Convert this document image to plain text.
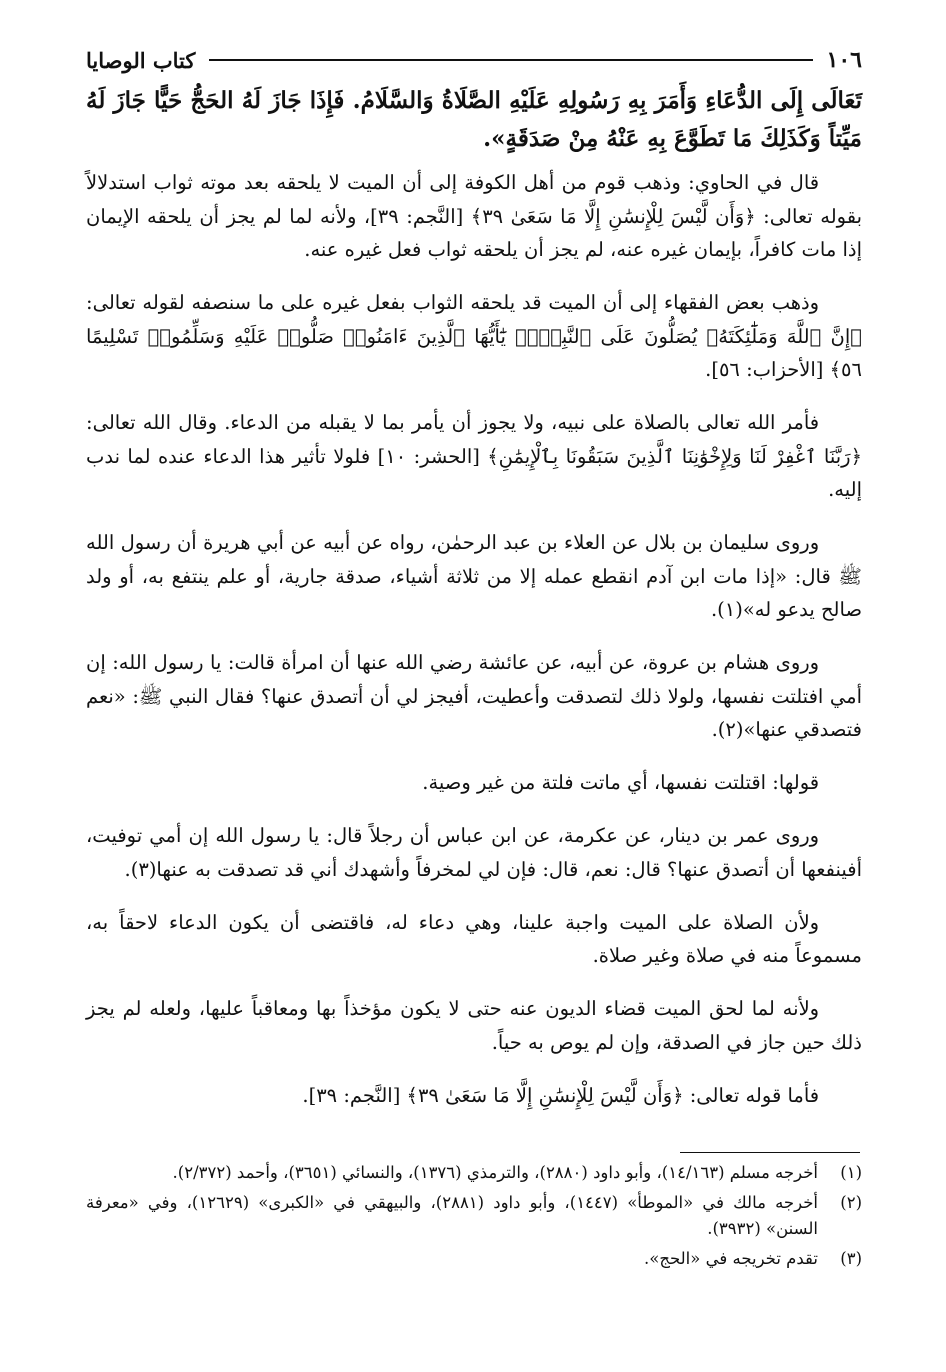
١٠٦
كتاب الوصايا
تَعَالَى إِلَى الدُّعَاءِ وَأَمَرَ بِهِ رَسُولِهِ عَلَيْهِ الصَّلَاةُ وَالسَّلَامُ. فَإِذَا جَازَ لَهُ الحَجُّ حَيًّا جَازَ لَهُ مَيِّتاً وَكَذَلِكَ مَا تَطَوَّعَ بِهِ عَنْهُ مِنْ صَدَقَةٍ».

قال في الحاوي: وذهب قوم من أهل الكوفة إلى أن الميت لا يلحقه بعد موته ثواب استدلالاً بقوله تعالى: ﴿وَأَن لَّيْسَ لِلْإِنسَٰنِ إِلَّا مَا سَعَىٰ ٣٩﴾ [النَّجم: ٣٩]، ولأنه لما لم يجز أن يلحقه الإيمان إذا مات كافراً، بإيمان غيره عنه، لم يجز أن يلحقه ثواب فعل غيره عنه.

وذهب بعض الفقهاء إلى أن الميت قد يلحقه الثواب بفعل غيره على ما سنصفه لقوله تعالى: ﴿إِنَّ ٱللَّهَ وَمَلَٰٓئِكَتَهُۥ يُصَلُّونَ عَلَى ٱلنَّبِيِّۚ يَٰٓأَيُّهَا ٱلَّذِينَ ءَامَنُوا۟ صَلُّوا۟ عَلَيْهِ وَسَلِّمُوا۟ تَسْلِيمًا ٥٦﴾ [الأحزاب: ٥٦].

فأمر الله تعالى بالصلاة على نبيه، ولا يجوز أن يأمر بما لا يقبله من الدعاء. وقال الله تعالى: ﴿رَبَّنَا ٱغْفِرْ لَنَا وَلِإِخْوَٰنِنَا ٱلَّذِينَ سَبَقُونَا بِٱلْإِيمَٰنِ﴾ [الحشر: ١٠] فلولا تأثير هذا الدعاء عنده لما ندب إليه.

وروى سليمان بن بلال عن العلاء بن عبد الرحمٰن، رواه عن أبيه عن أبي هريرة أن رسول الله ﷺ قال: «إذا مات ابن آدم انقطع عمله إلا من ثلاثة أشياء، صدقة جارية، أو علم ينتفع به، أو ولد صالح يدعو له»(١).

وروى هشام بن عروة، عن أبيه، عن عائشة رضي الله عنها أن امرأة قالت: يا رسول الله: إن أمي افتلتت نفسها، ولولا ذلك لتصدقت وأعطيت، أفيجز لي أن أتصدق عنها؟ فقال النبي ﷺ: «نعم فتصدقي عنها»(٢).

قولها: اقتلتت نفسها، أي ماتت فلتة من غير وصية.

وروى عمر بن دينار، عن عكرمة، عن ابن عباس أن رجلاً قال: يا رسول الله إن أمي توفيت، أفينفعها أن أتصدق عنها؟ قال: نعم، قال: فإن لي لمخرفاً وأشهدك أني قد تصدقت به عنها(٣).

ولأن الصلاة على الميت واجبة علينا، وهي دعاء له، فاقتضى أن يكون الدعاء لاحقاً به، مسموعاً منه في صلاة وغير صلاة.

ولأنه لما لحق الميت قضاء الديون عنه حتى لا يكون مؤخذاً بها ومعاقباً عليها، ولعله لم يجز ذلك حين جاز في الصدقة، وإن لم يوص به حياً.

فأما قوله تعالى: ﴿وَأَن لَّيْسَ لِلْإِنسَٰنِ إِلَّا مَا سَعَىٰ ٣٩﴾ [النَّجم: ٣٩].

(١)
أخرجه مسلم (١٤/١٦٣)، وأبو داود (٢٨٨٠)، والترمذي (١٣٧٦)، والنسائي (٣٦٥١)، وأحمد (٢/٣٧٢).
(٢)
أخرجه مالك في «الموطأ» (١٤٤٧)، وأبو داود (٢٨٨١)، والبيهقي في «الكبرى» (١٢٦٢٩)، وفي «معرفة السنن» (٣٩٣٢).
(٣)
تقدم تخريجه في «الحج».
